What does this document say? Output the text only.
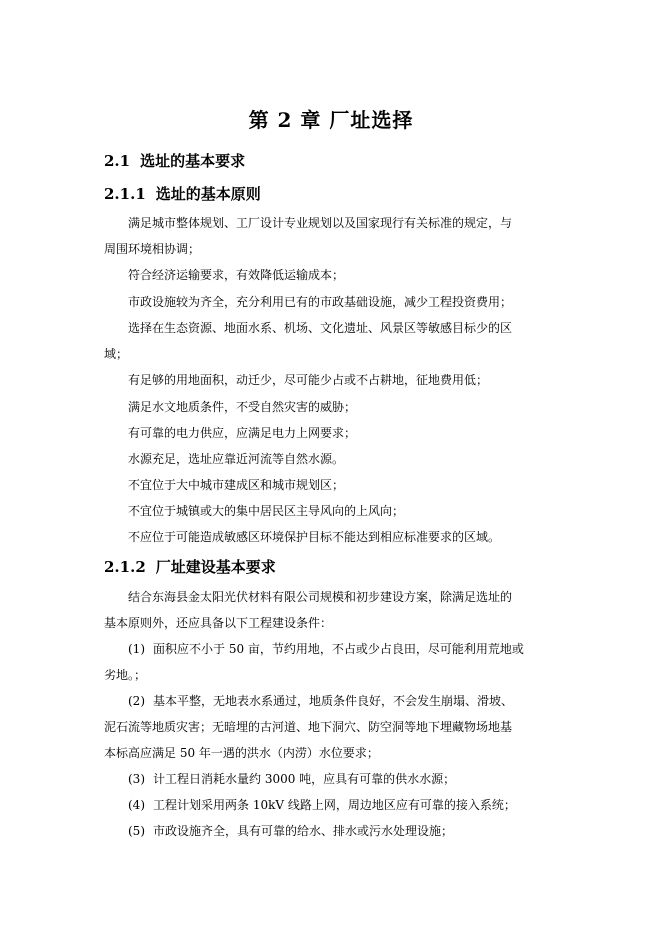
第 2 章 厂址选择
2.1 选址的基本要求
2.1.1 选址的基本原则
满足城市整体规划、工厂设计专业规划以及国家现行有关标准的规定，与
周围环境相协调；
符合经济运输要求，有效降低运输成本；
市政设施较为齐全，充分利用已有的市政基础设施，减少工程投资费用；
选择在生态资源、地面水系、机场、文化遗址、风景区等敏感目标少的区
域；
有足够的用地面积，动迁少，尽可能少占或不占耕地，征地费用低；
满足水文地质条件，不受自然灾害的威胁；
有可靠的电力供应，应满足电力上网要求；
水源充足，选址应靠近河流等自然水源。
不宜位于大中城市建成区和城市规划区；
不宜位于城镇或大的集中居民区主导风向的上风向；
不应位于可能造成敏感区环境保护目标不能达到相应标准要求的区域。
2.1.2 厂址建设基本要求
结合东海县金太阳光伏材料有限公司规模和初步建设方案，除满足选址的
基本原则外，还应具备以下工程建设条件：
(1) 面积应不小于 50 亩，节约用地，不占或少占良田，尽可能利用荒地或
劣地。；
(2) 基本平整，无地表水系通过，地质条件良好，不会发生崩塌、滑坡、
泥石流等地质灾害；无暗埋的古河道、地下洞穴、防空洞等地下埋藏物场地基
本标高应满足 50 年一遇的洪水（内涝）水位要求；
(3) 计工程日消耗水量约 3000 吨，应具有可靠的供水水源；
(4) 工程计划采用两条 10kV 线路上网，周边地区应有可靠的接入系统；
(5) 市政设施齐全，具有可靠的给水、排水或污水处理设施；
